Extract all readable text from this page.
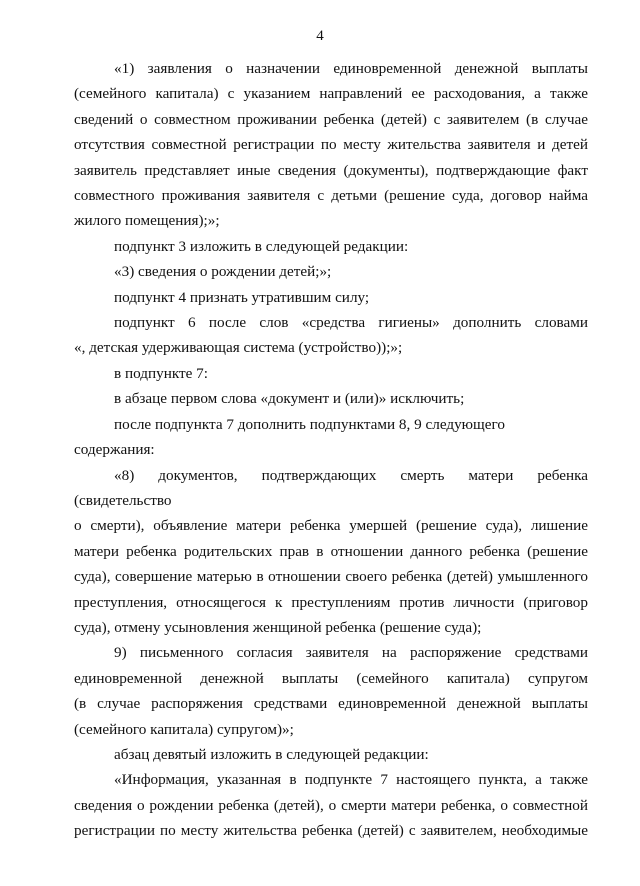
4
«1) заявления о назначении единовременной денежной выплаты
(семейного капитала) с указанием направлений ее расходования, а также
сведений о совместном проживании ребенка (детей) с заявителем (в случае
отсутствия совместной регистрации по месту жительства заявителя и детей
заявитель представляет иные сведения (документы), подтверждающие факт
совместного проживания заявителя с детьми (решение суда, договор найма
жилого помещения);»;
подпункт 3 изложить в следующей редакции:
«3) сведения о рождении детей;»;
подпункт 4 признать утратившим силу;
подпункт 6 после слов «средства гигиены» дополнить словами
«, детская удерживающая система (устройство));»;
в подпункте 7:
в абзаце первом слова «документ и (или)» исключить;
после подпункта 7 дополнить подпунктами 8, 9 следующего содержания:
«8) документов, подтверждающих смерть матери ребенка (свидетельство
о смерти), объявление матери ребенка умершей (решение суда), лишение
матери ребенка родительских прав в отношении данного ребенка (решение
суда), совершение матерью в отношении своего ребенка (детей) умышленного
преступления, относящегося к преступлениям против личности (приговор
суда), отмену усыновления женщиной ребенка (решение суда);
9) письменного согласия заявителя на распоряжение средствами
единовременной денежной выплаты (семейного капитала) супругом
(в случае распоряжения средствами единовременной денежной выплаты
(семейного капитала) супругом)»;
абзац девятый изложить в следующей редакции:
«Информация, указанная в подпункте 7 настоящего пункта, а также
сведения о рождении ребенка (детей), о смерти матери ребенка, о совместной
регистрации по месту жительства ребенка (детей) с заявителем, необходимые
